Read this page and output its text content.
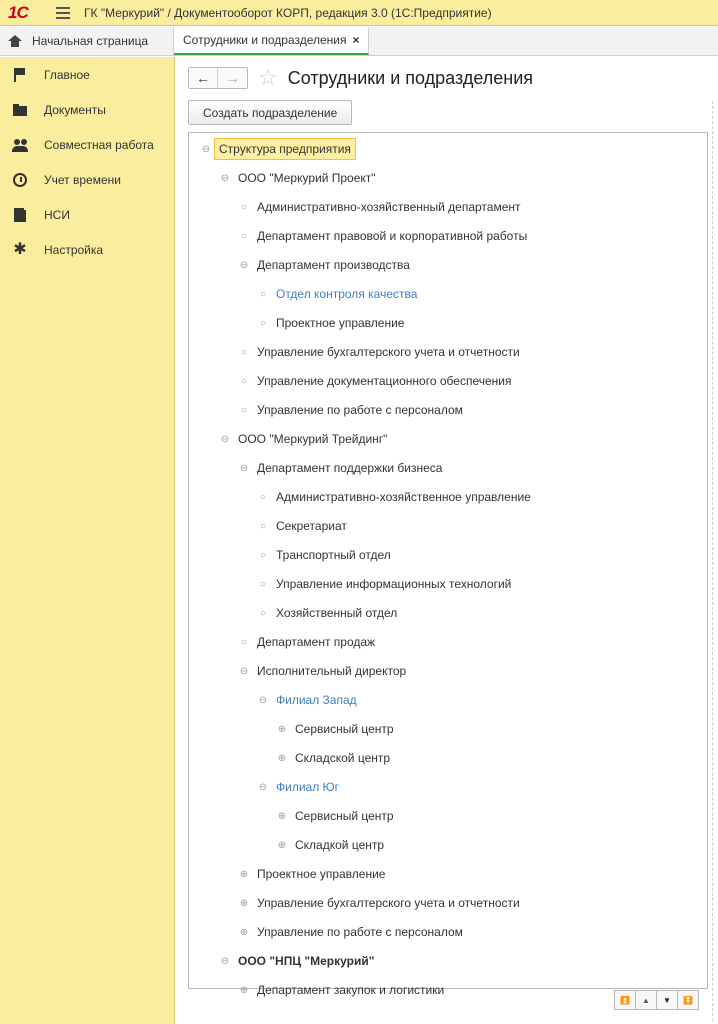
1С	ГК "Меркурий" / Документооборот КОРП, редакция 3.0 (1С:Предприятие)
Начальная страница	Сотрудники и подразделения ×
Главное
Документы
Совместная работа
Учет времени
НСИ
✱ Настройка
←	→ ☆ Сотрудники и подразделения
Создать подразделение
⊖ Структура предприятия
⊖ ООО "Меркурий Проект"
○ Административно-хозяйственный департамент
○ Департамент правовой и корпоративной работы
⊖ Департамент производства
○ Отдел контроля качества
○ Проектное управление
○ Управление бухгалтерского учета и отчетности
○ Управление документационного обеспечения
○ Управление по работе с персоналом
⊖ ООО "Меркурий Трейдинг"
⊖ Департамент поддержки бизнеса
○ Административно-хозяйственное управление
○ Секретариат
○ Транспортный отдел
○ Управление информационных технологий
○ Хозяйственный отдел
○ Департамент продаж
⊖ Исполнительный директор
⊖ Филиал Запад
⊕ Сервисный центр
⊕ Складской центр
⊖ Филиал Юг
⊕ Сервисный центр
⊕ Складкой центр
⊕ Проектное управление
⊕ Управление бухгалтерского учета и отчетности
⊕ Управление по работе с персоналом
⊖ ООО "НПЦ "Меркурий"
⊕ Департамент закупок и логистики
⏫	▲	▼	⏬
